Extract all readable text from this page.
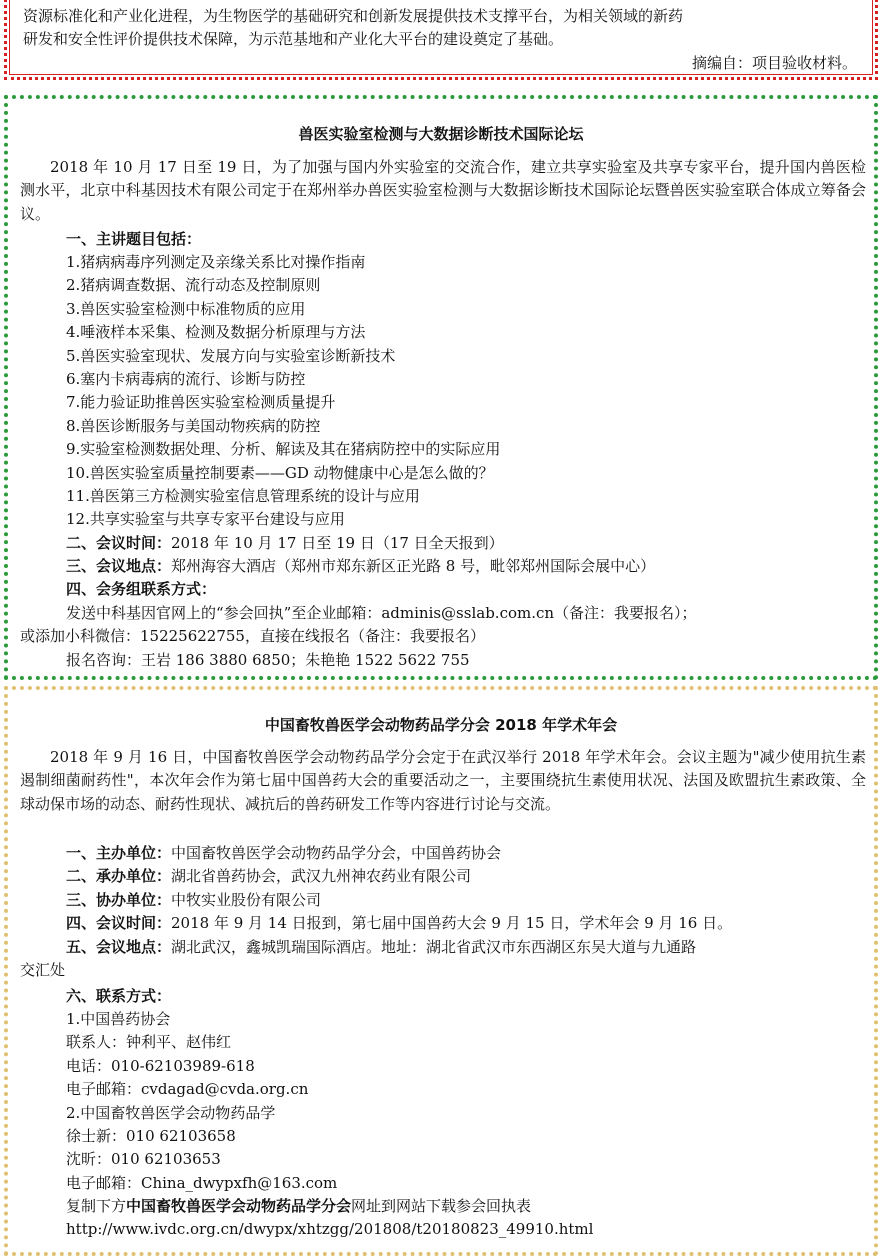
资源标准化和产业化进程，为生物医学的基础研究和创新发展提供技术支撑平台，为相关领域的新药
研发和安全性评价提供技术保障，为示范基地和产业化大平台的建设奠定了基础。
摘编自：项目验收材料。
兽医实验室检测与大数据诊断技术国际论坛
2018 年 10 月 17 日至 19 日，为了加强与国内外实验室的交流合作，建立共享实验室及共享专家平台，提升国内兽医检测水平，北京中科基因技术有限公司定于在郑州举办兽医实验室检测与大数据诊断技术国际论坛暨兽医实验室联合体成立筹备会议。
一、主讲题目包括：
1.猪病病毒序列测定及亲缘关系比对操作指南
2.猪病调查数据、流行动态及控制原则
3.兽医实验室检测中标准物质的应用
4.唾液样本采集、检测及数据分析原理与方法
5.兽医实验室现状、发展方向与实验室诊断新技术
6.塞内卡病毒病的流行、诊断与防控
7.能力验证助推兽医实验室检测质量提升
8.兽医诊断服务与美国动物疾病的防控
9.实验室检测数据处理、分析、解读及其在猪病防控中的实际应用
10.兽医实验室质量控制要素——GD 动物健康中心是怎么做的？
11.兽医第三方检测实验室信息管理系统的设计与应用
12.共享实验室与共享专家平台建设与应用
二、会议时间：2018 年 10 月 17 日至 19 日（17 日全天报到）
三、会议地点：郑州海容大酒店（郑州市郑东新区正光路 8 号，毗邻郑州国际会展中心）
四、会务组联系方式：
发送中科基因官网上的“参会回执”至企业邮箱：adminis@sslab.com.cn（备注：我要报名）；
或添加小科微信：15225622755，直接在线报名（备注：我要报名）
报名咨询：王岩 186 3880 6850；朱艳艳 1522 5622 755
中国畜牧兽医学会动物药品学分会 2018 年学术年会
2018 年 9 月 16 日，中国畜牧兽医学会动物药品学分会定于在武汉举行 2018 年学术年会。会议主题为"减少使用抗生素遏制细菌耐药性"，本次年会作为第七届中国兽药大会的重要活动之一，主要围绕抗生素使用状况、法国及欧盟抗生素政策、全球动保市场的动态、耐药性现状、减抗后的兽药研发工作等内容进行讨论与交流。
一、主办单位：中国畜牧兽医学会动物药品学分会，中国兽药协会
二、承办单位：湖北省兽药协会，武汉九州神农药业有限公司
三、协办单位：中牧实业股份有限公司
四、会议时间：2018 年 9 月 14 日报到，第七届中国兽药大会 9 月 15 日，学术年会 9 月 16 日。
五、会议地点：湖北武汉，鑫城凯瑞国际酒店。地址：湖北省武汉市东西湖区东吴大道与九通路
交汇处
六、联系方式：
1.中国兽药协会
联系人：钟利平、赵伟红
电话：010-62103989-618
电子邮箱：cvdagad@cvda.org.cn
2.中国畜牧兽医学会动物药品学
徐士新：010 62103658
沈昕：010 62103653
电子邮箱：China_dwypxfh@163.com
复制下方中国畜牧兽医学会动物药品学分会网址到网站下载参会回执表
http://www.ivdc.org.cn/dwypx/xhtzgg/201808/t20180823_49910.html
